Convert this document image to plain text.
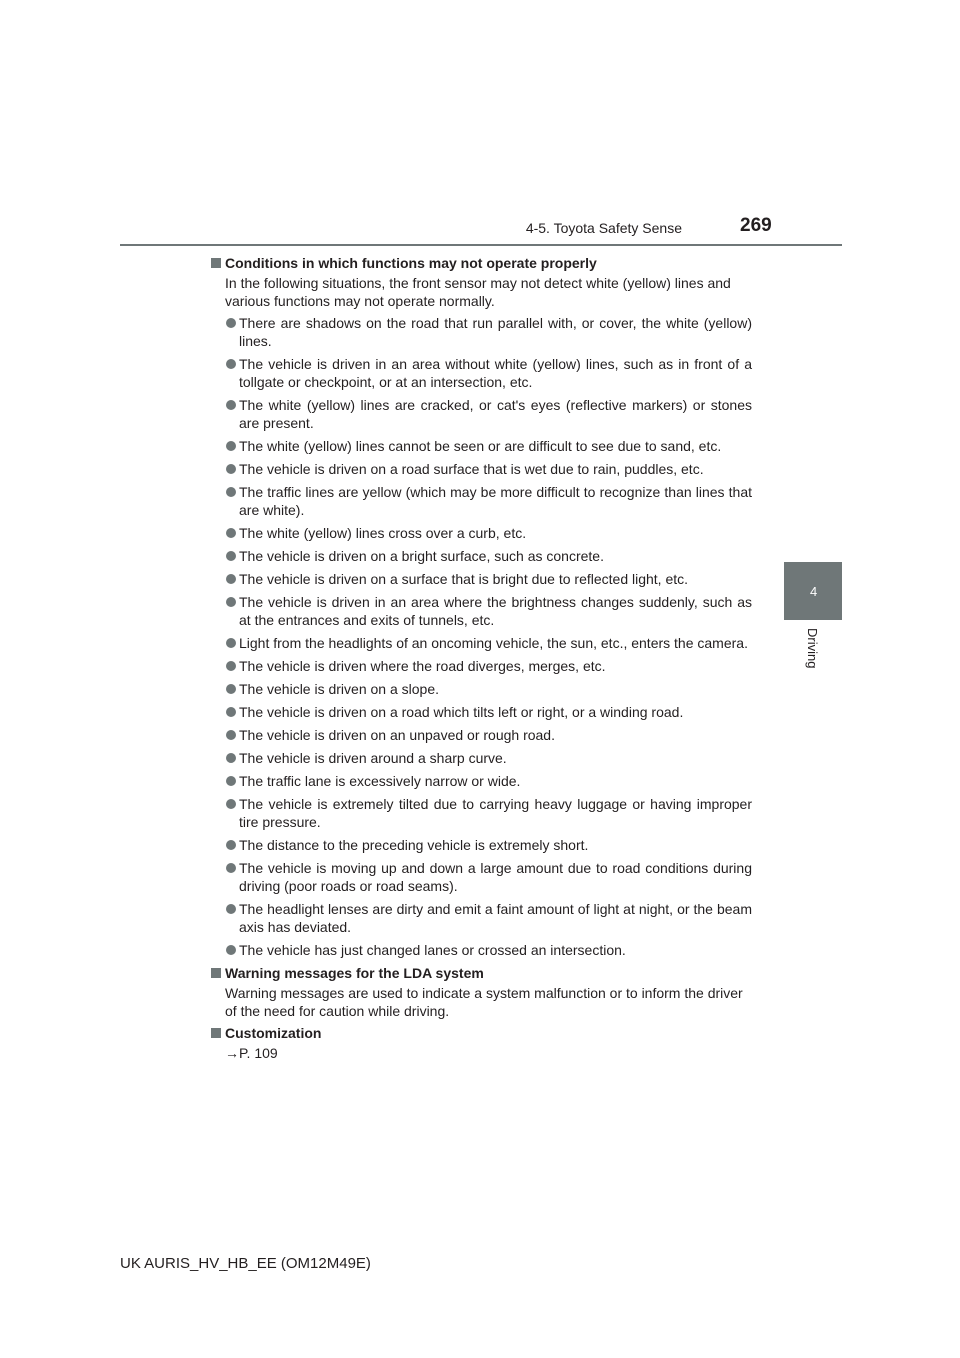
4-5. Toyota Safety Sense	269
4
Driving
Conditions in which functions may not operate properly
In the following situations, the front sensor may not detect white (yellow) lines and various functions may not operate normally.
There are shadows on the road that run parallel with, or cover, the white (yellow) lines.
The vehicle is driven in an area without white (yellow) lines, such as in front of a tollgate or checkpoint, or at an intersection, etc.
The white (yellow) lines are cracked, or cat's eyes (reflective markers) or stones are present.
The white (yellow) lines cannot be seen or are difficult to see due to sand, etc.
The vehicle is driven on a road surface that is wet due to rain, puddles, etc.
The traffic lines are yellow (which may be more difficult to recognize than lines that are white).
The white (yellow) lines cross over a curb, etc.
The vehicle is driven on a bright surface, such as concrete.
The vehicle is driven on a surface that is bright due to reflected light, etc.
The vehicle is driven in an area where the brightness changes suddenly, such as at the entrances and exits of tunnels, etc.
Light from the headlights of an oncoming vehicle, the sun, etc., enters the camera.
The vehicle is driven where the road diverges, merges, etc.
The vehicle is driven on a slope.
The vehicle is driven on a road which tilts left or right, or a winding road.
The vehicle is driven on an unpaved or rough road.
The vehicle is driven around a sharp curve.
The traffic lane is excessively narrow or wide.
The vehicle is extremely tilted due to carrying heavy luggage or having improper tire pressure.
The distance to the preceding vehicle is extremely short.
The vehicle is moving up and down a large amount due to road conditions during driving (poor roads or road seams).
The headlight lenses are dirty and emit a faint amount of light at night, or the beam axis has deviated.
The vehicle has just changed lanes or crossed an intersection.
Warning messages for the LDA system
Warning messages are used to indicate a system malfunction or to inform the driver of the need for caution while driving.
Customization
→P. 109
UK AURIS_HV_HB_EE (OM12M49E)
